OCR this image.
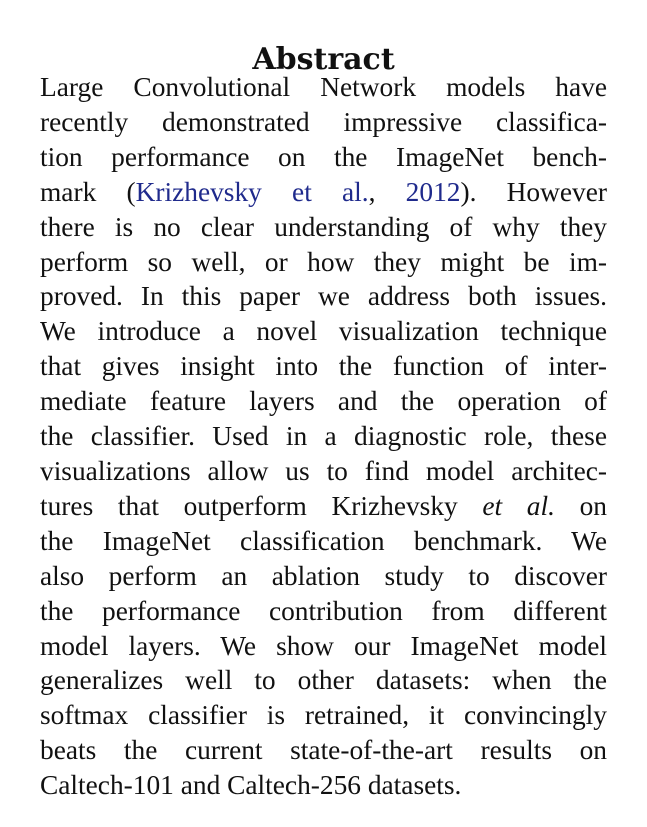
Abstract

Large Convolutional Network models have
recently demonstrated impressive classifica-
tion performance on the ImageNet bench-
mark (Krizhevsky et al., 2012). However
there is no clear understanding of why they
perform so well, or how they might be im-
proved. In this paper we address both issues.
We introduce a novel visualization technique
that gives insight into the function of inter-
mediate feature layers and the operation of
the classifier. Used in a diagnostic role, these
visualizations allow us to find model architec-
tures that outperform Krizhevsky et al. on
the ImageNet classification benchmark. We
also perform an ablation study to discover
the performance contribution from different
model layers. We show our ImageNet model
generalizes well to other datasets: when the
softmax classifier is retrained, it convincingly
beats the current state-of-the-art results on
Caltech-101 and Caltech-256 datasets.
